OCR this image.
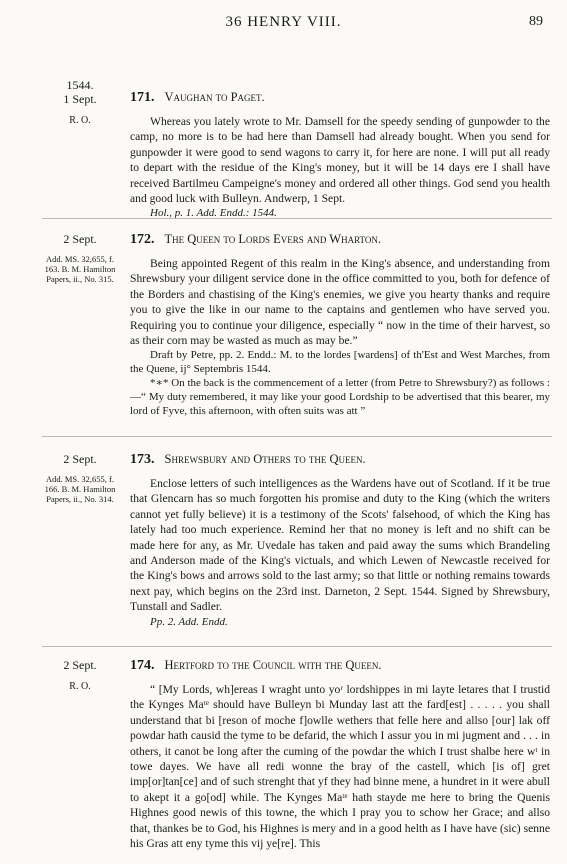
36 HENRY VIII.	89
1544.
1 Sept.
R. O.
171. Vaughan to Paget.

Whereas you lately wrote to Mr. Damsell for the speedy sending of gunpowder to the camp, no more is to be had here than Damsell had already bought. When you send for gunpowder it were good to send wagons to carry it, for here are none. I will put all ready to depart with the residue of the King's money, but it will be 14 days ere I shall have received Bartilmeu Campeigne's money and ordered all other things. God send you health and good luck with Bulleyn. Andwerp, 1 Sept.

Hol., p. 1. Add. Endd.: 1544.

2 Sept.
Add. MS. 32,655, f. 163. B. M. Hamilton Papers, ii., No. 315.
172. The Queen to Lords Evers and Wharton.

Being appointed Regent of this realm in the King's absence, and understanding from Shrewsbury your diligent service done in the office committed to you, both for defence of the Borders and chastising of the King's enemies, we give you hearty thanks and require you to give the like in our name to the captains and gentlemen who have served you. Requiring you to continue your diligence, especially “ now in the time of their harvest, so as their corn may be wasted as much as may be.”

Draft by Petre, pp. 2. Endd.: M. to the lordes [wardens] of th'Est and West Marches, from the Quene, ij° Septembris 1544.

*∗* On the back is the commencement of a letter (from Petre to Shrewsbury?) as follows :—“ My duty remembered, it may like your good Lordship to be advertised that this bearer, my lord of Fyve, this afternoon, with often suits was att ”

2 Sept.
Add. MS. 32,655, f. 166. B. M. Hamilton Papers, ii., No. 314.
173. Shrewsbury and Others to the Queen.

Enclose letters of such intelligences as the Wardens have out of Scotland. If it be true that Glencarn has so much forgotten his promise and duty to the King (which the writers cannot yet fully believe) it is a testimony of the Scots' falsehood, of which the King has lately had too much experience. Remind her that no money is left and no shift can be made here for any, as Mr. Uvedale has taken and paid away the sums which Brandeling and Anderson made of the King's victuals, and which Lewen of Newcastle received for the King's bows and arrows sold to the last army; so that little or nothing remains towards next pay, which begins on the 23rd inst. Darneton, 2 Sept. 1544. Signed by Shrewsbury, Tunstall and Sadler.

Pp. 2. Add. Endd.

2 Sept.
R. O.
174. Hertford to the Council with the Queen.

“ [My Lords, wh]ereas I wraght unto yoʳ lordshippes in mi layte letares that I trustid the Kynges Maᵗᵉ should have Bulleyn bi Munday last att the fard[est] . . . . . you shall understand that bi [reson of moche f]owlle wethers that felle here and allso [our] lak off powdar hath causid the tyme to be defarid, the which I assur you in mi jugment and . . . in others, it canot be long after the cuming of the powdar the which I trust shalbe here wᵗ in towe dayes. We have all redi wonne the bray of the castell, which [is of] gret imp[or]tan[ce] and of such strenght that yf they had binne mene, a hundret in it were abull to akept it a go[od] while. The Kynges Maᵗᵉ hath stayde me here to bring the Quenis Highnes good newis of this towne, the which I pray you to schow her Grace; and allso that, thankes be to God, his Highnes is mery and in a good helth as I have have (sic) senne his Gras att eny tyme this vij ye[re]. This
